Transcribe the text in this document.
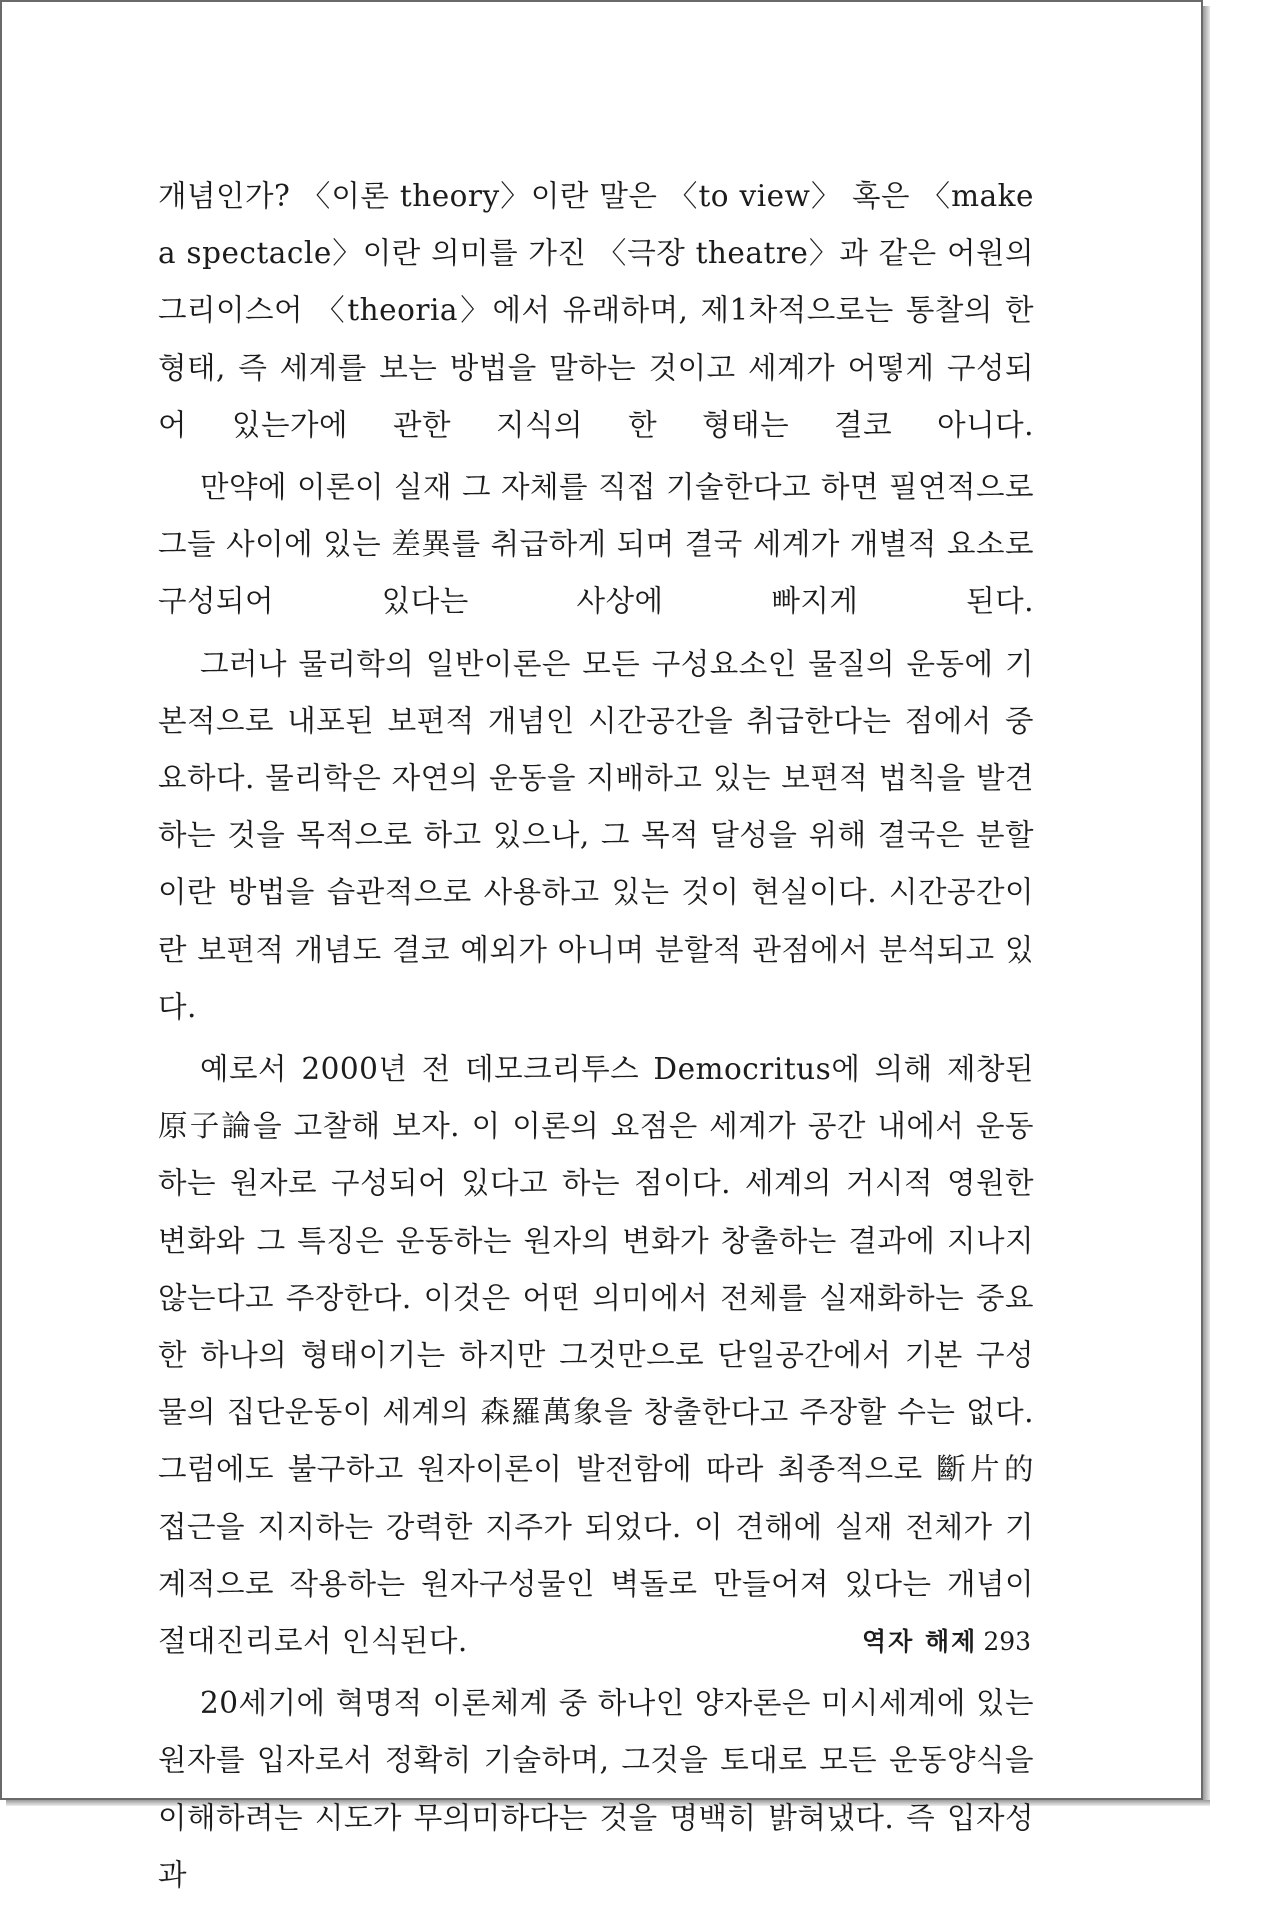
개념인가? 〈이론 theory〉이란 말은 〈to view〉 혹은 〈make a spectacle〉이란 의미를 가진 〈극장 theatre〉과 같은 어원의 그리이스어 〈theoria〉에서 유래하며, 제1차적으로는 통찰의 한 형태, 즉 세계를 보는 방법을 말하는 것이고 세계가 어떻게 구성되어 있는가에 관한 지식의 한 형태는 결코 아니다.

만약에 이론이 실재 그 자체를 직접 기술한다고 하면 필연적으로 그들 사이에 있는 差異를 취급하게 되며 결국 세계가 개별적 요소로 구성되어 있다는 사상에 빠지게 된다.

그러나 물리학의 일반이론은 모든 구성요소인 물질의 운동에 기본적으로 내포된 보편적 개념인 시간공간을 취급한다는 점에서 중요하다. 물리학은 자연의 운동을 지배하고 있는 보편적 법칙을 발견하는 것을 목적으로 하고 있으나, 그 목적 달성을 위해 결국은 분할이란 방법을 습관적으로 사용하고 있는 것이 현실이다. 시간공간이란 보편적 개념도 결코 예외가 아니며 분할적 관점에서 분석되고 있다.

예로서 2000년 전 데모크리투스 Democritus에 의해 제창된 原子論을 고찰해 보자. 이 이론의 요점은 세계가 공간 내에서 운동하는 원자로 구성되어 있다고 하는 점이다. 세계의 거시적 영원한 변화와 그 특징은 운동하는 원자의 변화가 창출하는 결과에 지나지 않는다고 주장한다. 이것은 어떤 의미에서 전체를 실재화하는 중요한 하나의 형태이기는 하지만 그것만으로 단일공간에서 기본 구성물의 집단운동이 세계의 森羅萬象을 창출한다고 주장할 수는 없다. 그럼에도 불구하고 원자이론이 발전함에 따라 최종적으로 斷片的 접근을 지지하는 강력한 지주가 되었다. 이 견해에 실재 전체가 기계적으로 작용하는 원자구성물인 벽돌로 만들어져 있다는 개념이 절대진리로서 인식된다.

20세기에 혁명적 이론체계 중 하나인 양자론은 미시세계에 있는 원자를 입자로서 정확히 기술하며, 그것을 토대로 모든 운동양식을 이해하려는 시도가 무의미하다는 것을 명백히 밝혀냈다. 즉 입자성과

역자 해제 293
